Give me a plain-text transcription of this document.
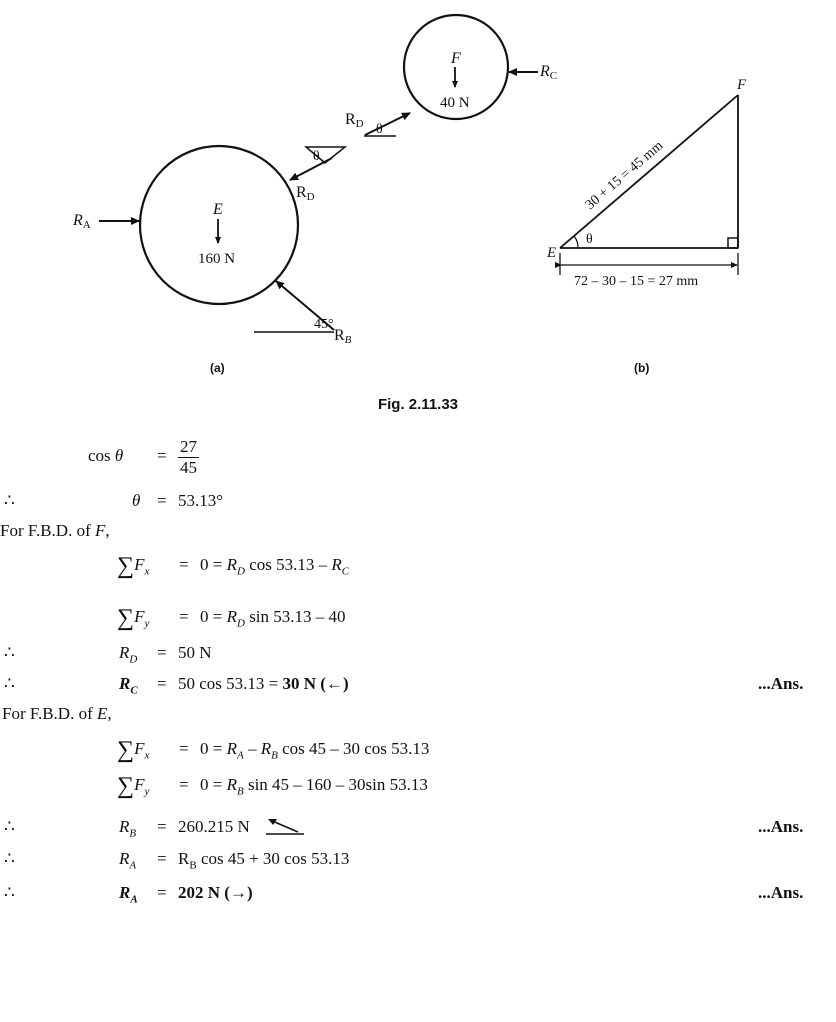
F
40 N
RC
RD θ
θ
RD
E
160 N
RA
45°
RB
(a)
θ
E
F
30 + 15 = 45 mm
72 – 30 – 15 = 27 mm
(b)
Fig. 2.11.33
$\cos \theta = \frac{27}{45}$
∴	θ = 53.13°
For F.B.D. of F,
$\sum F_x = 0 = R_D$ $\cos 53.13 - R_C$
$\sum F_y = 0 = R_D$ sin 53.13 – 40
∴	$R_D = 50$ N
∴	$R_C = 50$ cos 53.13 = 30 N (←)	...Ans.
For F.B.D. of E,
$\sum F_x = 0 = R_A - R_B$ cos 45 – 30 cos 53.13
$\sum F_y = 0 = R_B$ sin 45 – 160 – 30sin 53.13
∴	$R_B = 260.215$ N	...Ans.
∴	$R_A = R_B$ cos 45 + 30 cos 53.13
∴	$R_A = 202$ N (→)	...Ans.
